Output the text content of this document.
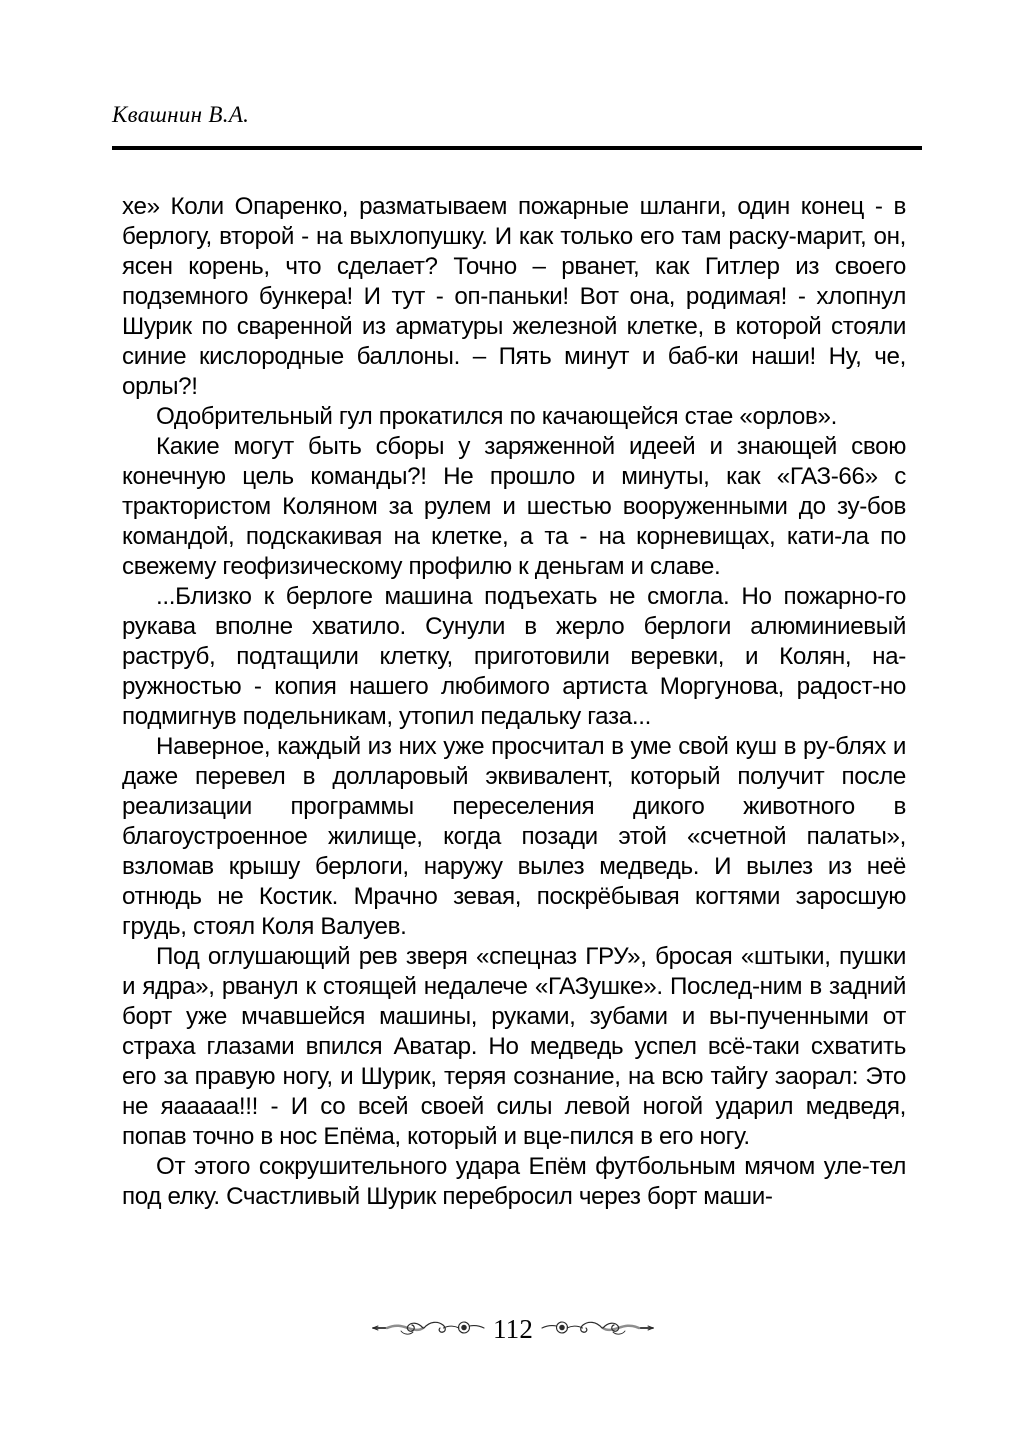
Квашнин В.А.

хе» Коли Опаренко, разматываем пожарные шланги, один конец - в берлогу, второй - на выхлопушку. И как только его там раску-марит, он, ясен корень, что сделает? Точно – рванет, как Гитлер из своего подземного бункера! И тут - оп-паньки! Вот она, родимая! - хлопнул Шурик по сваренной из арматуры железной клетке, в которой стояли синие кислородные баллоны. – Пять минут и баб-ки наши! Ну, че, орлы?!

Одобрительный гул прокатился по качающейся стае «орлов».

Какие могут быть сборы у заряженной идеей и знающей свою конечную цель команды?! Не прошло и минуты, как «ГАЗ-66» с трактористом Коляном за рулем и шестью вооруженными до зу-бов командой, подскакивая на клетке, а та - на корневищах, кати-ла по свежему геофизическому профилю к деньгам и славе.

...Близко к берлоге машина подъехать не смогла. Но пожарно-го рукава вполне хватило. Сунули в жерло берлоги алюминиевый раструб, подтащили клетку, приготовили веревки, и Колян, на-ружностью - копия нашего любимого артиста Моргунова, радост-но подмигнув подельникам, утопил педальку газа...

Наверное, каждый из них уже просчитал в уме свой куш в ру-блях и даже перевел в долларовый эквивалент, который получит после реализации программы переселения дикого животного в благоустроенное жилище, когда позади этой «счетной палаты», взломав крышу берлоги, наружу вылез медведь. И вылез из неё отнюдь не Костик. Мрачно зевая, поскрёбывая когтями заросшую грудь, стоял Коля Валуев.

Под оглушающий рев зверя «спецназ ГРУ», бросая «штыки, пушки и ядра», рванул к стоящей недалече «ГАЗушке». Послед-ним в задний борт уже мчавшейся машины, руками, зубами и вы-пученными от страха глазами впился Аватар. Но медведь успел всё-таки схватить его за правую ногу, и Шурик, теряя сознание, на всю тайгу заорал: Это не яааааа!!! - И со всей своей силы левой ногой ударил медведя, попав точно в нос Епёма, который и вце-пился в его ногу.

От этого сокрушительного удара Епём футбольным мячом уле-тел под елку. Счастливый Шурик перебросил через борт маши-

112
